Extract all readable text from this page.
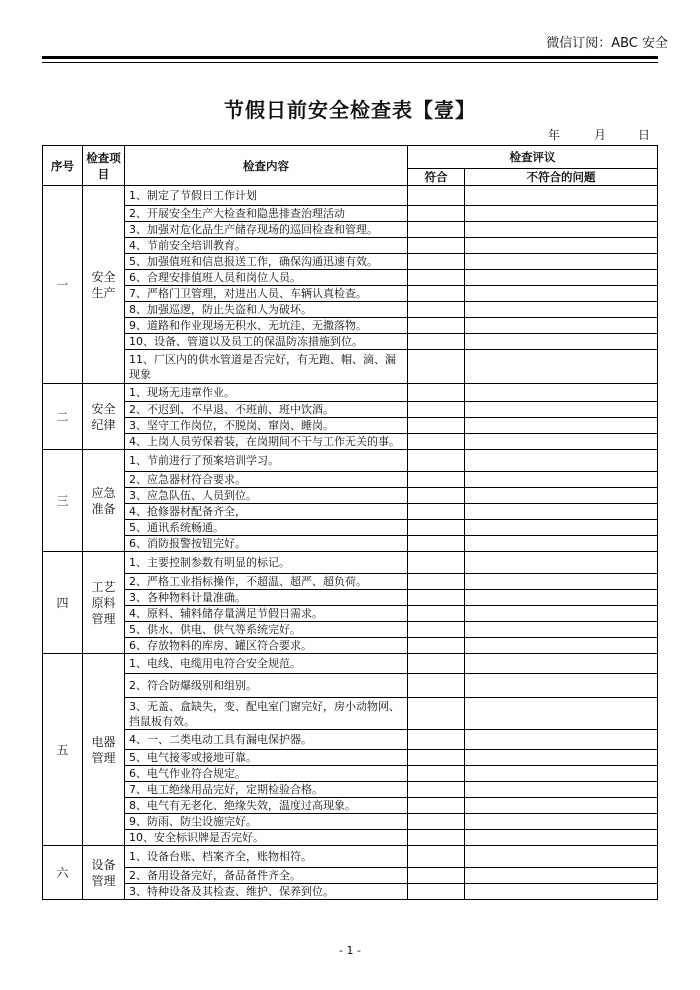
微信订阅：ABC 安全
节假日前安全检查表【壹】
年	月	日
序号	检查项目	检查内容	检查评议	
			符合	不符合的问题
一	安全生产	1、制定了节假日工作计划		
		2、开展安全生产大检查和隐患排查治理活动		
		3、加强对危化品生产储存现场的巡回检查和管理。		
		4、节前安全培训教育。		
		5、加强值班和信息报送工作，确保沟通迅速有效。		
		6、合理安排值班人员和岗位人员。		
		7、严格门卫管理，对进出人员、车辆认真检查。		
		8、加强巡逻，防止失盗和人为破坏。		
		9、道路和作业现场无积水、无坑洼、无撒落物。		
		10、设备、管道以及员工的保温防冻措施到位。		
		11、厂区内的供水管道是否完好，有无跑、帽、滴、漏现象		
二	安全纪律	1、现场无违章作业。		
		2、不迟到、不早退、不班前、班中饮酒。		
		3、坚守工作岗位，不脱岗、窜岗、睡岗。		
		4、上岗人员劳保着装，在岗期间不干与工作无关的事。		
三	应急准备	1、节前进行了预案培训学习。		
		2、应急器材符合要求。		
		3、应急队伍、人员到位。		
		4、抢修器材配备齐全，		
		5、通讯系统畅通。		
		6、消防报警按钮完好。		
四	工艺原料管理	1、主要控制参数有明显的标记。		
		2、严格工业指标操作，不超温、超严、超负荷。		
		3、各种物料计量准确。		
		4、原料、辅料储存量满足节假日需求。		
		5、供水、供电、供气等系统完好。		
		6、存放物料的库房、罐区符合要求。		
五	电器管理	1、电线、电缆用电符合安全规范。		
		2、符合防爆级别和组别。		
		3、无盖、盒缺失，变、配电室门窗完好，房小动物网、挡鼠板有效。		
		4、一、二类电动工具有漏电保护器。		
		5、电气接零或接地可靠。		
		6、电气作业符合规定。		
		7、电工绝缘用品完好，定期检验合格。		
		8、电气有无老化、绝缘失效，温度过高现象。		
		9、防雨、防尘设施完好。		
		10、安全标识牌是否完好。		
六	设备管理	1、设备台账、档案齐全，账物相符。		
		2、备用设备完好，备品备件齐全。		
		3、特种设备及其检查、维护、保养到位。		
- 1 -
